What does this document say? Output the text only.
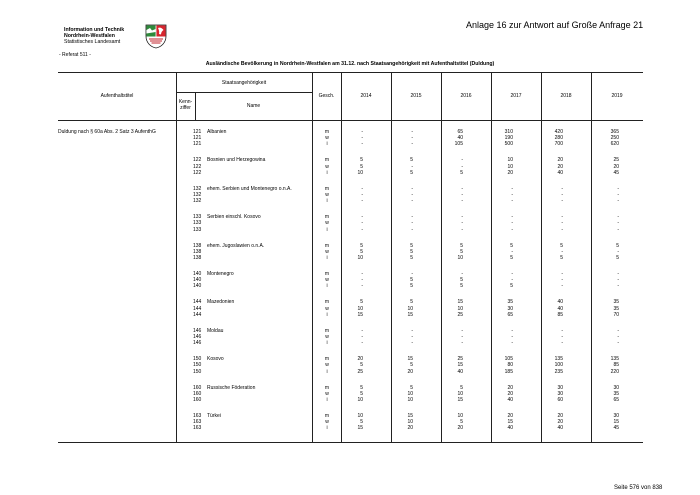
Information und Technik
Nordrhein-Westfalen
Statistisches Landesamt
Anlage 16 zur Antwort auf Große Anfrage 21
- Referat 511 -
Ausländische Bevölkerung in Nordrhein-Westfalen am 31.12. nach Staatsangehörigkeit mit Aufenthaltstitel (Duldung)
Aufenthaltstitel
Staatsangehörigkeit
Kenn-
ziffer	Name
Gesch.	2014	2015	2016	2017	2018	2019
Duldung nach § 60a Abs. 2 Satz 3 AufenthG	121 Albanien	m	-	-	65	310	420	365
121	w	-	-	40	190	280	250
121	i	-	-	105	500	700	620
122 Bosnien und Herzegowina	m	5	5	-	10	20	25
122	w	5	-	-	10	20	20
122	i	10	5	5	20	40	45
132 ehem. Serbien und Montenegro o.n.A.	m	-	-	-	-	-	-
132	w	-	-	-	-	-	-
132	i	-	-	-	-	-	-
133 Serbien einschl. Kosovo	m	-	-	-	-	-	-
133	w	-	-	-	-	-	-
133	i	-	-	-	-	-	-
138 ehem. Jugoslawien o.n.A.	m	5	5	5	5	5	5
138	w	5	5	5	-	-	-
138	i	10	5	10	5	5	5
140 Montenegro	m	-	-	-	-	-	-
140	w	-	5	5	-	-	-
140	i	-	5	5	5	-	-
144 Mazedonien	m	5	5	15	35	40	35
144	w	10	10	10	30	40	35
144	i	15	15	25	65	85	70
146 Moldau	m	-	-	-	-	-	-
146	w	-	-	-	-	-	-
146	i	-	-	-	-	-	-
150 Kosovo	m	20	15	25	105	135	135
150	w	5	5	15	80	100	85
150	i	25	20	40	185	235	220
160 Russische Föderation	m	5	5	5	20	30	30
160	w	5	10	10	20	30	35
160	i	10	10	15	40	60	65
163 Türkei	m	10	15	10	20	20	30
163	w	5	10	5	15	20	15
163	i	15	20	20	40	40	45
Seite 576 von 838
